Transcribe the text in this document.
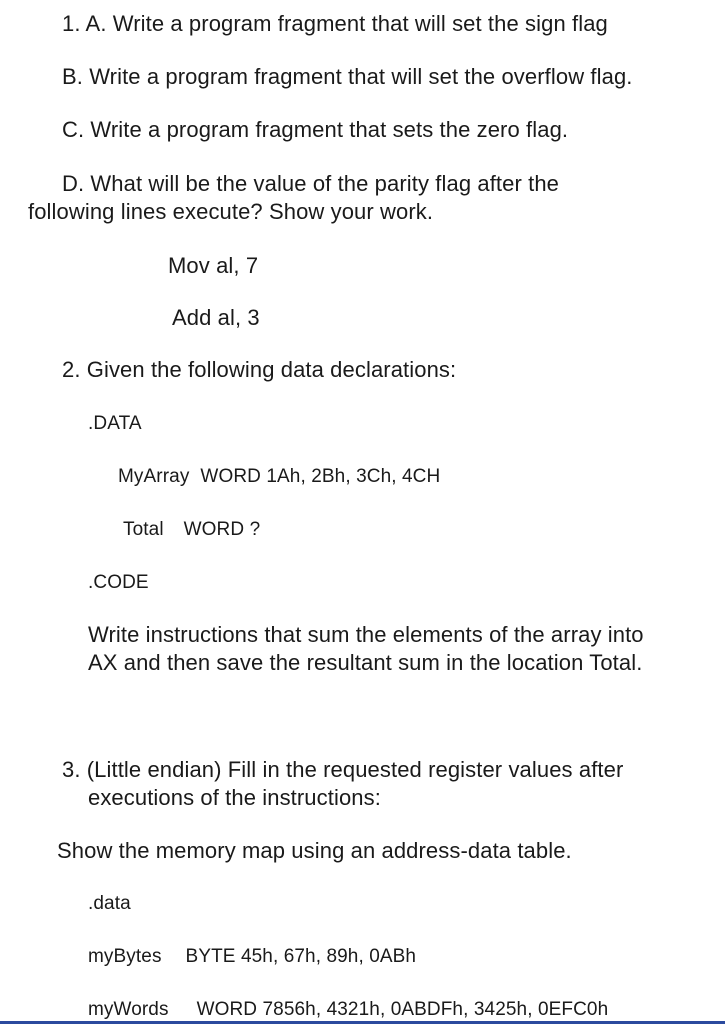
1. A. Write a program fragment that will set the sign flag
B. Write a program fragment that will set the overflow flag.
C. Write a program fragment that sets the zero flag.
D. What will be the value of the parity flag after the
following lines execute? Show your work.
Mov al, 7
Add al, 3
2. Given the following data declarations:
.DATA
MyArray WORD 1Ah, 2Bh, 3Ch, 4CH
Total WORD ?
.CODE
Write instructions that sum the elements of the array into
AX and then save the resultant sum in the location Total.
3. (Little endian) Fill in the requested register values after
executions of the instructions:
Show the memory map using an address-data table.
.data
myBytes BYTE 45h, 67h, 89h, 0ABh
myWords WORD 7856h, 4321h, 0ABDFh, 3425h, 0EFC0h
